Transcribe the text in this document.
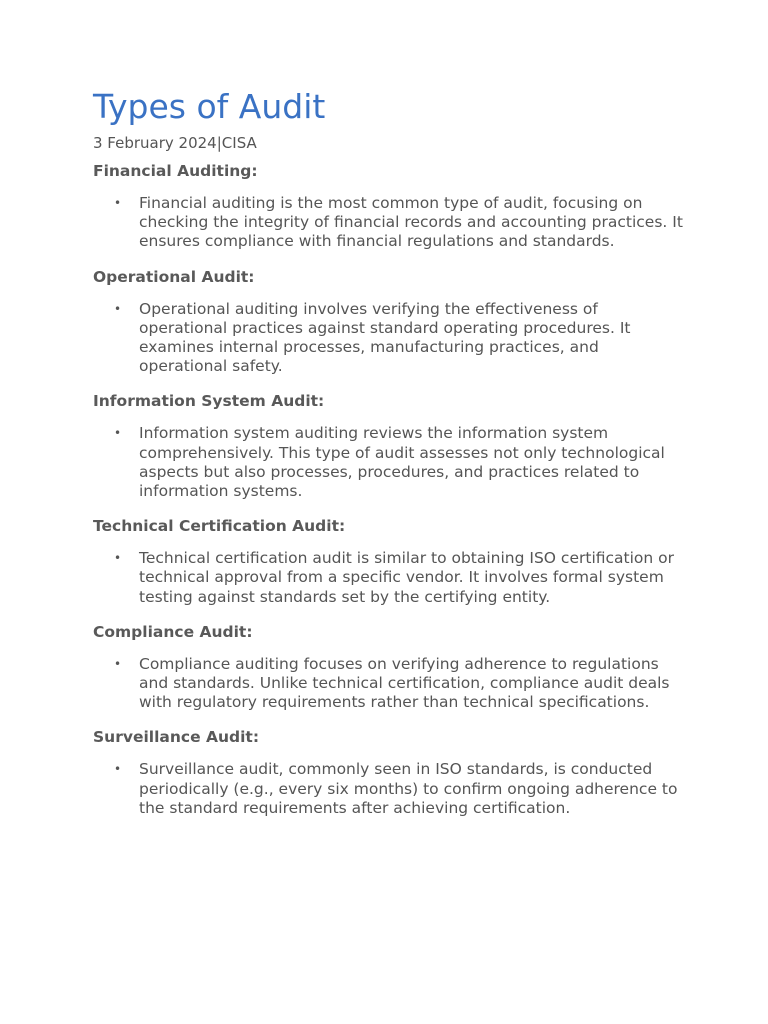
Types of Audit
3 February 2024|CISA
Financial Auditing:
• Financial auditing is the most common type of audit, focusing on checking the integrity of financial records and accounting practices. It ensures compliance with financial regulations and standards.
Operational Audit:
• Operational auditing involves verifying the effectiveness of operational practices against standard operating procedures. It examines internal processes, manufacturing practices, and operational safety.
Information System Audit:
• Information system auditing reviews the information system comprehensively. This type of audit assesses not only technological aspects but also processes, procedures, and practices related to information systems.
Technical Certification Audit:
• Technical certification audit is similar to obtaining ISO certification or technical approval from a specific vendor. It involves formal system testing against standards set by the certifying entity.
Compliance Audit:
• Compliance auditing focuses on verifying adherence to regulations and standards. Unlike technical certification, compliance audit deals with regulatory requirements rather than technical specifications.
Surveillance Audit:
• Surveillance audit, commonly seen in ISO standards, is conducted periodically (e.g., every six months) to confirm ongoing adherence to the standard requirements after achieving certification.
